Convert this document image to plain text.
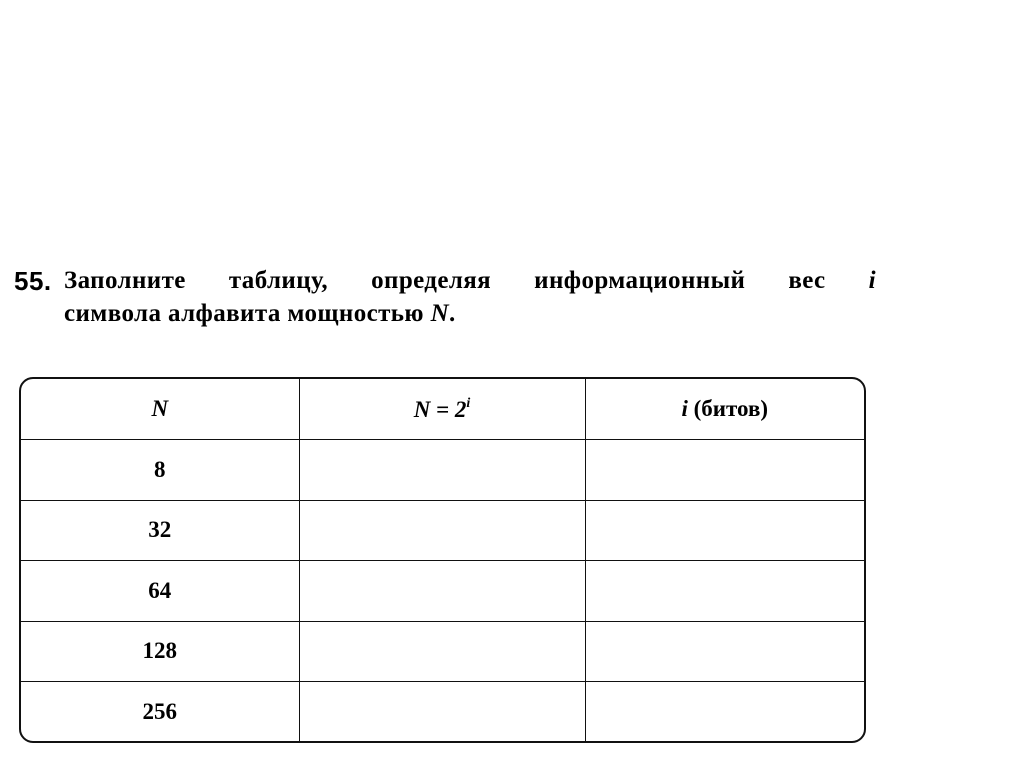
55. Заполните таблицу, определяя информационный вес i
символа алфавита мощностью N.
N	$N = 2^i$	i (битов)
8		
32		
64		
128		
256		
